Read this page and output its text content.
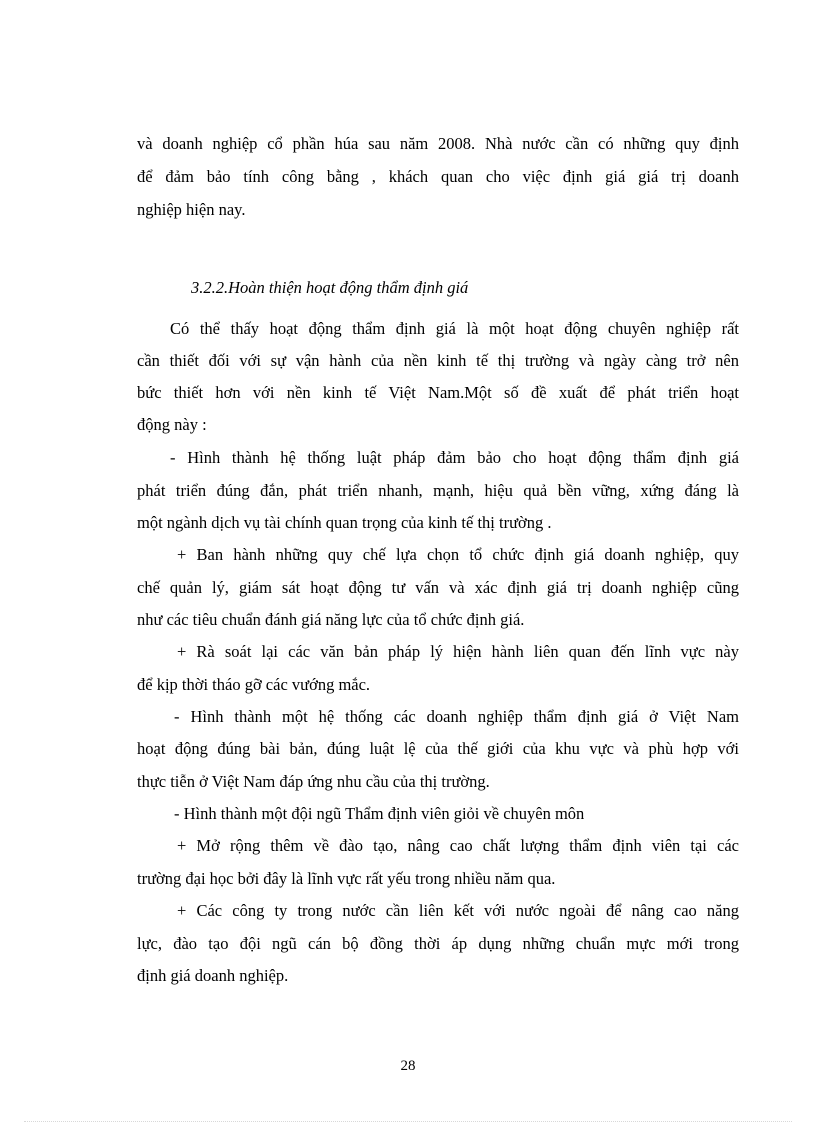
và doanh nghiệp cổ phần húa sau năm 2008. Nhà nước cần có những quy định
để đảm bảo tính công bằng , khách quan cho việc định giá giá trị doanh
nghiệp hiện nay.
3.2.2.Hoàn thiện hoạt động thẩm định giá
Có thể thấy hoạt động thẩm định giá là một hoạt động chuyên nghiệp rất
cần thiết đối với sự vận hành của nền kinh tế thị trường và ngày càng trở nên
bức thiết hơn với nền kinh tế Việt Nam.Một số đề xuất để phát triển hoạt
động này :
- Hình thành hệ thống luật pháp đảm bảo cho hoạt động thẩm định giá
phát triển đúng đắn, phát triển nhanh, mạnh, hiệu quả bền vững, xứng đáng là
một ngành dịch vụ tài chính quan trọng của kinh tế thị trường .
+ Ban hành những quy chế lựa chọn tổ chức định giá doanh nghiệp, quy
chế quản lý, giám sát hoạt động tư vấn và xác định giá trị doanh nghiệp cũng
như các tiêu chuẩn đánh giá năng lực của tổ chức định giá.
+ Rà soát lại các văn bản pháp lý hiện hành liên quan đến lĩnh vực này
để kịp thời tháo gỡ các vướng mắc.
- Hình thành một hệ thống các doanh nghiệp thẩm định giá ở Việt Nam
hoạt động đúng bài bản, đúng luật lệ của thế giới của khu vực và phù hợp với
thực tiễn ở Việt Nam đáp ứng nhu cầu của thị trường.
- Hình thành một đội ngũ Thẩm định viên giỏi về chuyên môn
+ Mở rộng thêm về đào tạo, nâng cao chất lượng thẩm định viên tại các
trường đại học bởi đây là lĩnh vực rất yếu trong nhiều năm qua.
+ Các công ty trong nước cần liên kết với nước ngoài để nâng cao năng
lực, đào tạo đội ngũ cán bộ đồng thời áp dụng những chuẩn mực mới trong
định giá doanh nghiệp.
28
